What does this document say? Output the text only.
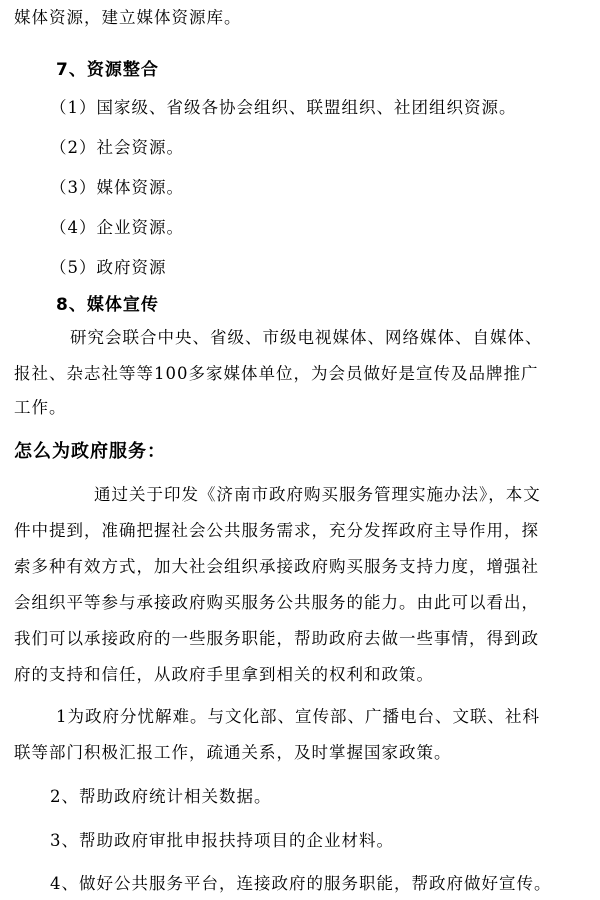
媒体资源，建立媒体资源库。
7、资源整合
（1）国家级、省级各协会组织、联盟组织、社团组织资源。
（2）社会资源。
（3）媒体资源。
（4）企业资源。
（5）政府资源
8、媒体宣传
研究会联合中央、省级、市级电视媒体、网络媒体、自媒体、
报社、杂志社等等100多家媒体单位，为会员做好是宣传及品牌推广
工作。
怎么为政府服务：
通过关于印发《济南市政府购买服务管理实施办法》，本文
件中提到，准确把握社会公共服务需求，充分发挥政府主导作用，探
索多种有效方式，加大社会组织承接政府购买服务支持力度，增强社
会组织平等参与承接政府购买服务公共服务的能力。由此可以看出，
我们可以承接政府的一些服务职能，帮助政府去做一些事情，得到政
府的支持和信任，从政府手里拿到相关的权利和政策。
1为政府分忧解难。与文化部、宣传部、广播电台、文联、社科
联等部门积极汇报工作，疏通关系，及时掌握国家政策。
2、帮助政府统计相关数据。
3、帮助政府审批申报扶持项目的企业材料。
4、做好公共服务平台，连接政府的服务职能，帮政府做好宣传。
